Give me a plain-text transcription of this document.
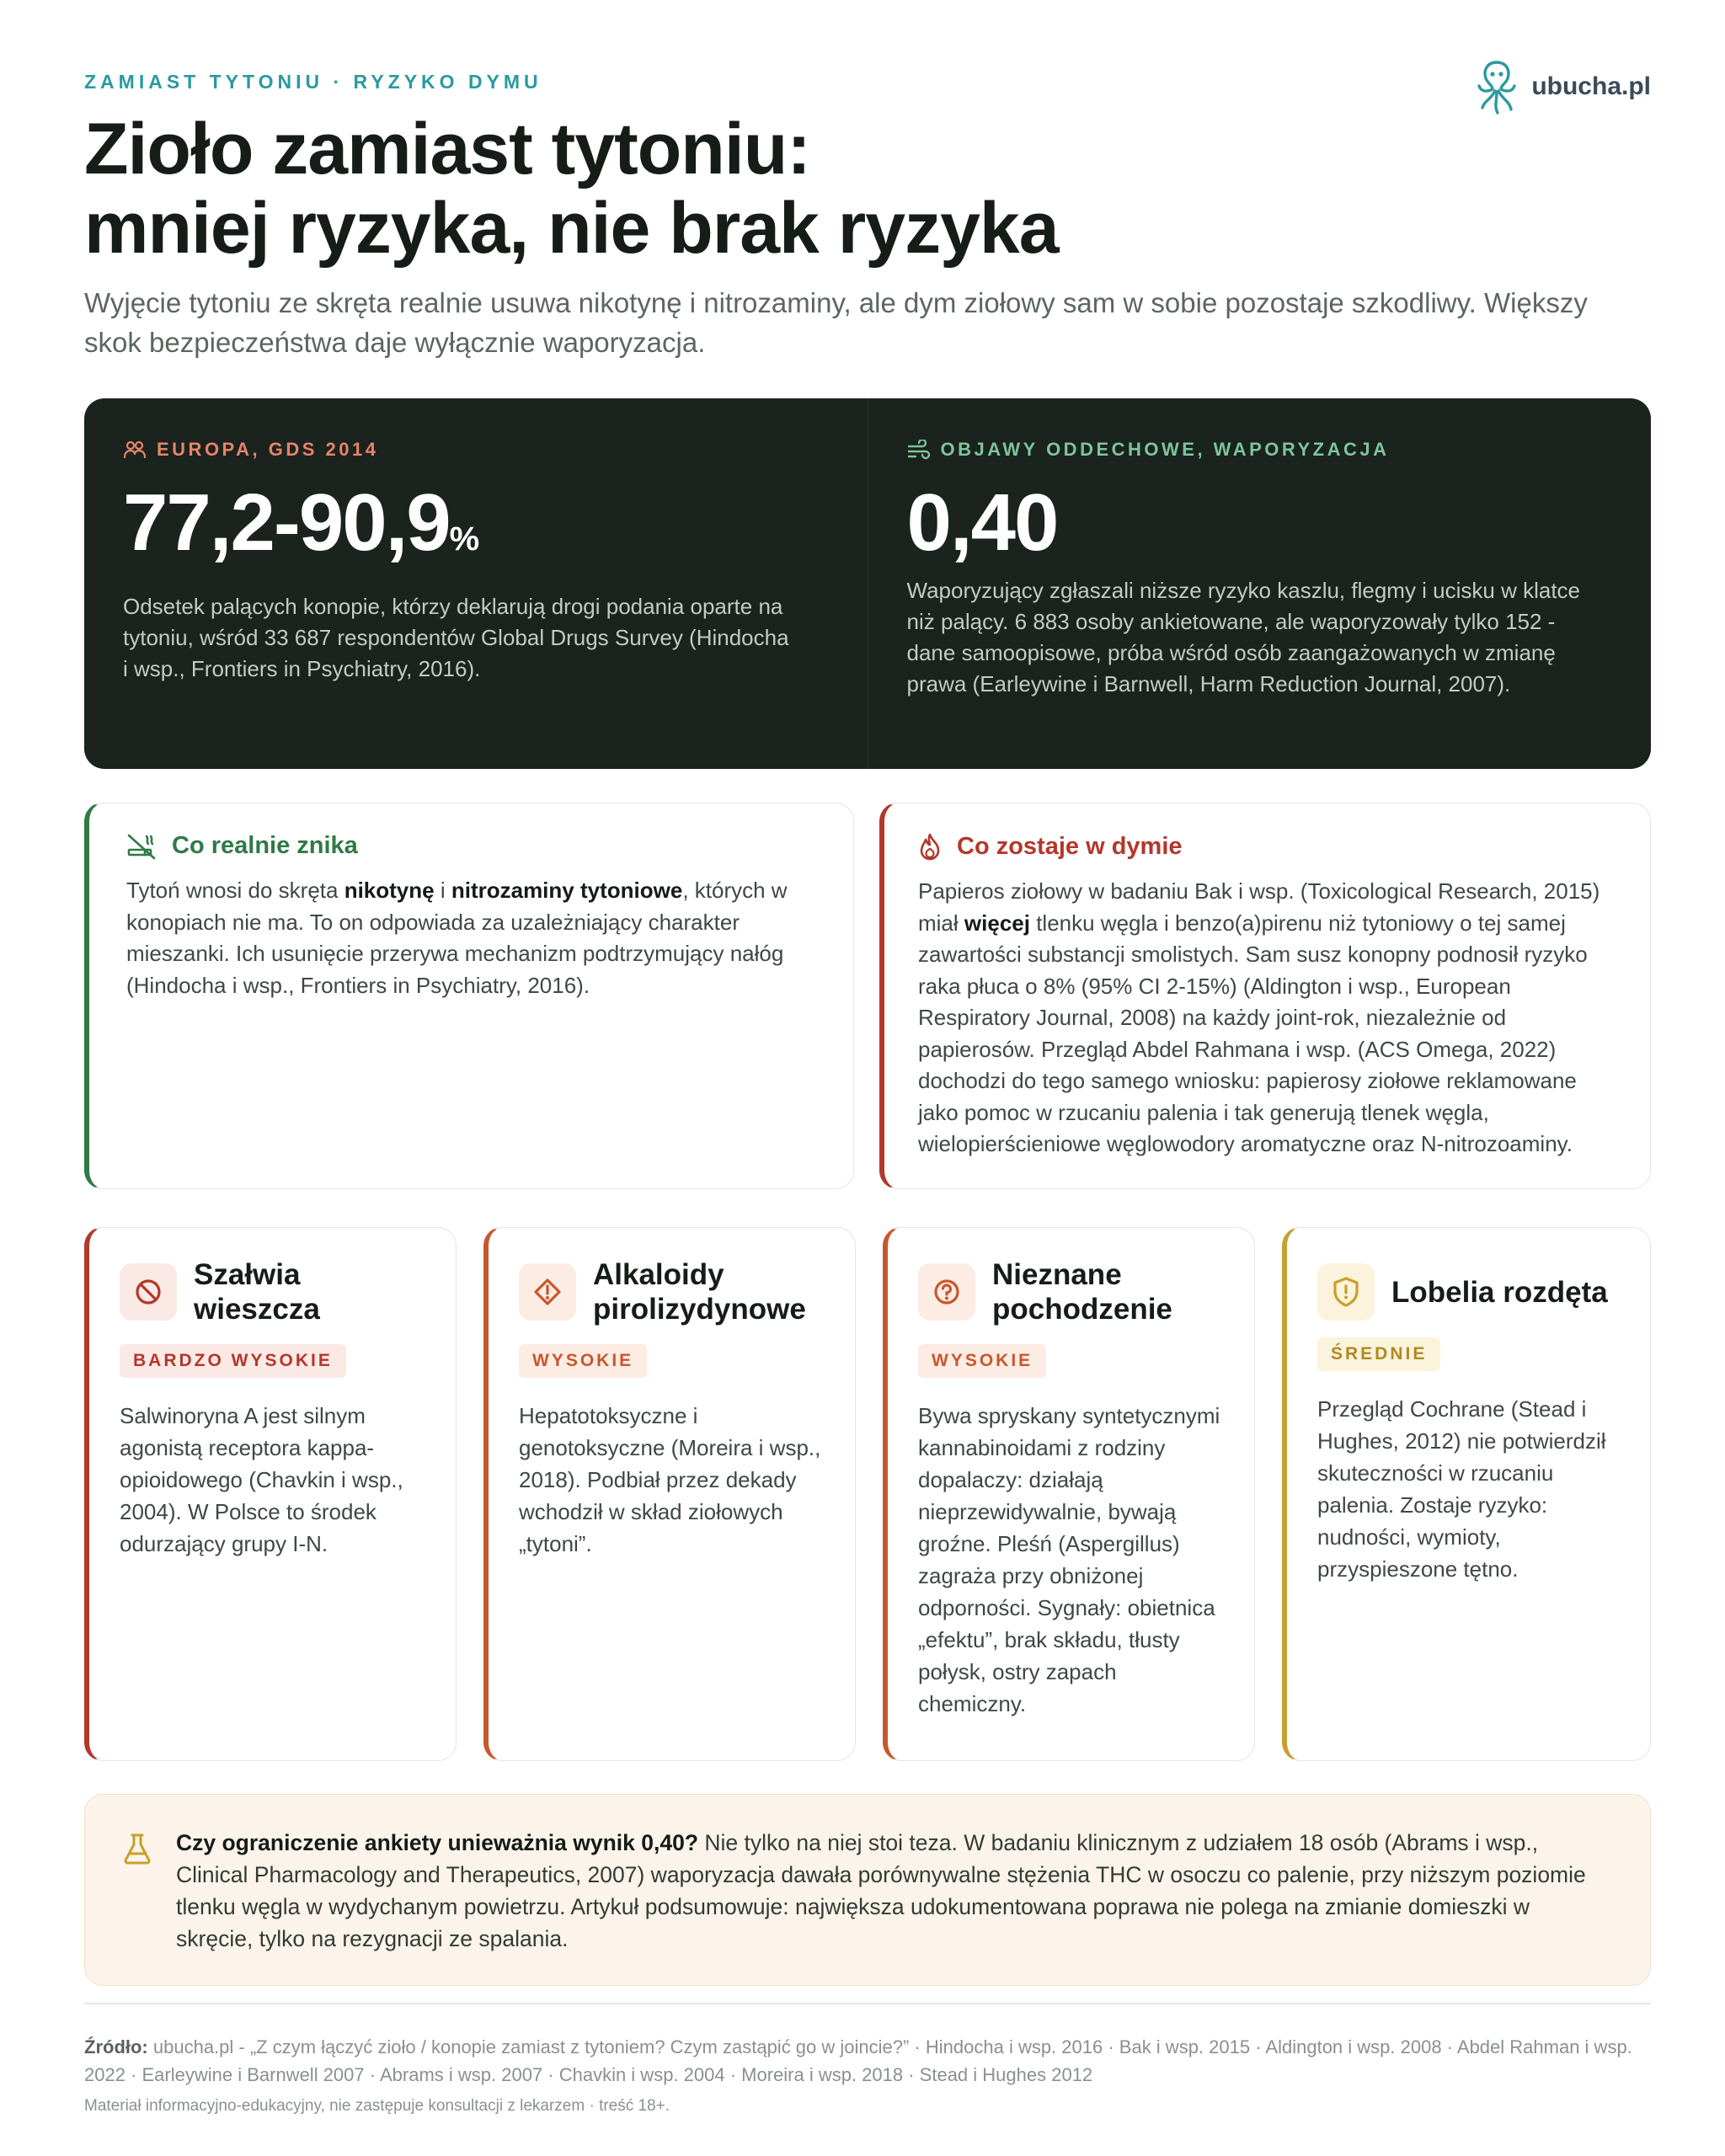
ZAMIAST TYTONIU · RYZYKO DYMU	ubucha.pl
Zioło zamiast tytoniu:
mniej ryzyka, nie brak ryzyka

Wyjęcie tytoniu ze skręta realnie usuwa nikotynę i nitrozaminy, ale dym ziołowy sam w sobie pozostaje szkodliwy. Większy skok bezpieczeństwa daje wyłącznie waporyzacja.

EUROPA, GDS 2014
77,2-90,9%

Odsetek palących konopie, którzy deklarują drogi podania oparte na tytoniu, wśród 33 687 respondentów Global Drugs Survey (Hindocha i wsp., Frontiers in Psychiatry, 2016).

OBJAWY ODDECHOWE, WAPORYZACJA
0,40

Waporyzujący zgłaszali niższe ryzyko kaszlu, flegmy i ucisku w klatce niż palący. 6 883 osoby ankietowane, ale waporyzowały tylko 152 - dane samoopisowe, próba wśród osób zaangażowanych w zmianę prawa (Earleywine i Barnwell, Harm Reduction Journal, 2007).

Co realnie znika

Tytoń wnosi do skręta nikotynę i nitrozaminy tytoniowe, których w konopiach nie ma. To on odpowiada za uzależniający charakter mieszanki. Ich usunięcie przerywa mechanizm podtrzymujący nałóg (Hindocha i wsp., Frontiers in Psychiatry, 2016).

Co zostaje w dymie

Papieros ziołowy w badaniu Bak i wsp. (Toxicological Research, 2015) miał więcej tlenku węgla i benzo(a)pirenu niż tytoniowy o tej samej zawartości substancji smolistych. Sam susz konopny podnosił ryzyko raka płuca o 8% (95% CI 2-15%) (Aldington i wsp., European Respiratory Journal, 2008) na każdy joint-rok, niezależnie od papierosów. Przegląd Abdel Rahmana i wsp. (ACS Omega, 2022) dochodzi do tego samego wniosku: papierosy ziołowe reklamowane jako pomoc w rzucaniu palenia i tak generują tlenek węgla, wielopierścieniowe węglowodory aromatyczne oraz N-nitrozoaminy.

Szałwia
wieszcza
BARDZO WYSOKIE

Salwinoryna A jest silnym agonistą receptora kappa-opioidowego (Chavkin i wsp., 2004). W Polsce to środek odurzający grupy I-N.

Alkaloidy
pirolizydynowe
WYSOKIE

Hepatotoksyczne i genotoksyczne (Moreira i wsp., 2018). Podbiał przez dekady wchodził w skład ziołowych „tytoni”.

Nieznane
pochodzenie
WYSOKIE

Bywa spryskany syntetycznymi kannabinoidami z rodziny dopalaczy: działają nieprzewidywalnie, bywają groźne. Pleśń (Aspergillus) zagraża przy obniżonej odporności. Sygnały: obietnica „efektu”, brak składu, tłusty połysk, ostry zapach chemiczny.

Lobelia rozdęta
ŚREDNIE

Przegląd Cochrane (Stead i Hughes, 2012) nie potwierdził skuteczności w rzucaniu palenia. Zostaje ryzyko: nudności, wymioty, przyspieszone tętno.

Czy ograniczenie ankiety unieważnia wynik 0,40? Nie tylko na niej stoi teza. W badaniu klinicznym z udziałem 18 osób (Abrams i wsp., Clinical Pharmacology and Therapeutics, 2007) waporyzacja dawała porównywalne stężenia THC w osoczu co palenie, przy niższym poziomie tlenku węgla w wydychanym powietrzu. Artykuł podsumowuje: największa udokumentowana poprawa nie polega na zmianie domieszki w skręcie, tylko na rezygnacji ze spalania.

Źródło: ubucha.pl - „Z czym łączyć zioło / konopie zamiast z tytoniem? Czym zastąpić go w joincie?” · Hindocha i wsp. 2016 · Bak i wsp. 2015 · Aldington i wsp. 2008 · Abdel Rahman i wsp. 2022 · Earleywine i Barnwell 2007 · Abrams i wsp. 2007 · Chavkin i wsp. 2004 · Moreira i wsp. 2018 · Stead i Hughes 2012

Materiał informacyjno-edukacyjny, nie zastępuje konsultacji z lekarzem · treść 18+.
